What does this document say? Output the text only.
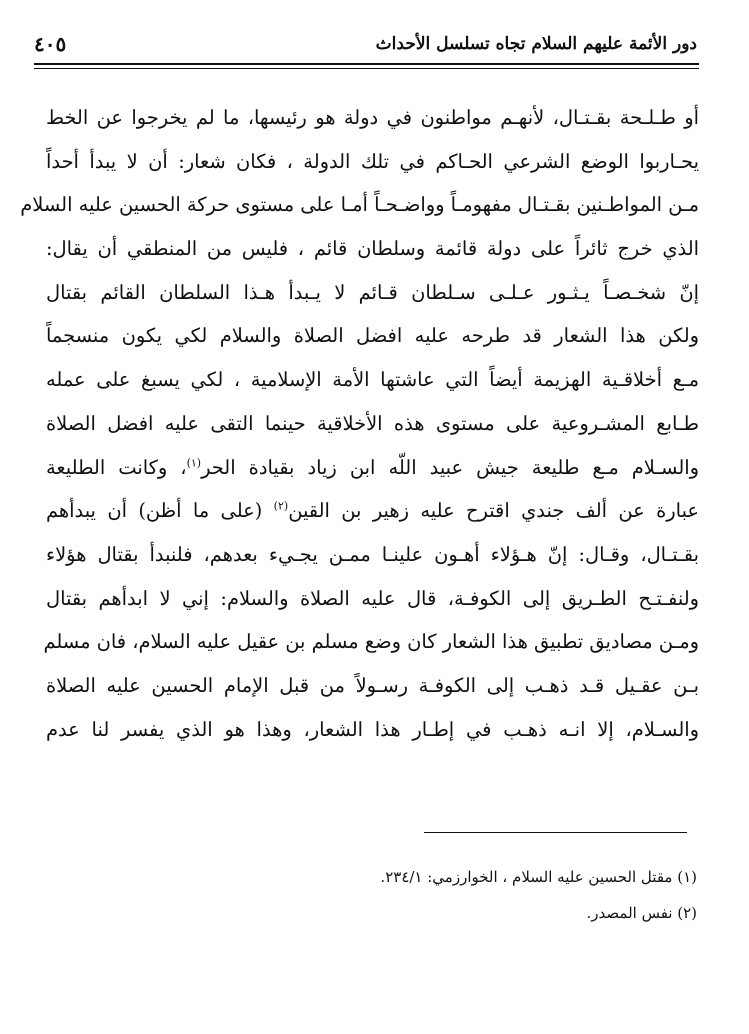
دور الأئمة عليهم السلام تجاه تسلسل الأحداث
٤٠٥
أو طـلـحة بقـتـال، لأنهـم مواطنون في دولة هو رئيسها، ما لم يخرجوا عن الخط
يحـاربوا الوضع الشرعي الحـاكم في تلك الدولة ، فكان شعار: أن لا يبدأ أحداً
مـن المواطـنين بقـتـال مفهومـاً وواضـحـاً أمـا على مستوى حركة الحسين عليه السلام
الذي خرج ثائراً على دولة قائمة وسلطان قائم ، فليس من المنطقي أن يقال:
إنّ شخـصـاً يـثـور عـلـى سـلطان قـائم لا يـبدأ هـذا السلطان القائم بقتال
ولكن هذا الشعار قد طرحه عليه افضل الصلاة والسلام لكي يكون منسجماً
مـع أخلاقـية الهزيمة أيضاً التي عاشتها الأمة الإسلامية ، لكي يسبغ على عمله
طـابع المشـروعية على مستوى هذه الأخلاقية حينما التقى عليه افضل الصلاة
والسـلام مـع طليعة جيش عبيد اللّه ابن زياد بقيادة الحر$^{(١)}$، وكانت الطليعة
عبارة عن ألف جندي اقترح عليه زهير بن القين$^{(٢)}$ (على ما أظن) أن يبدأهم
بقـتـال، وقـال: إنّ هـؤلاء أهـون علينـا ممـن يجـيء بعدهم، فلنبدأ بقتال هؤلاء
ولنفـتـح الطـريق إلى الكوفـة، قال عليه الصلاة والسلام: إني لا ابدأهم بقتال
ومـن مصاديق تطبيق هذا الشعار كان وضع مسلم بن عقيل عليه السلام، فان مسلم
بـن عقـيل قـد ذهـب إلى الكوفـة رسـولاً من قبل الإمام الحسين عليه الصلاة
والسـلام، إلا انـه ذهـب في إطـار هذا الشعار، وهذا هو الذي يفسر لنا عدم
(١) مقتل الحسين عليه السلام ، الخوارزمي: ٢٣٤/١.
(٢) نفس المصدر.
